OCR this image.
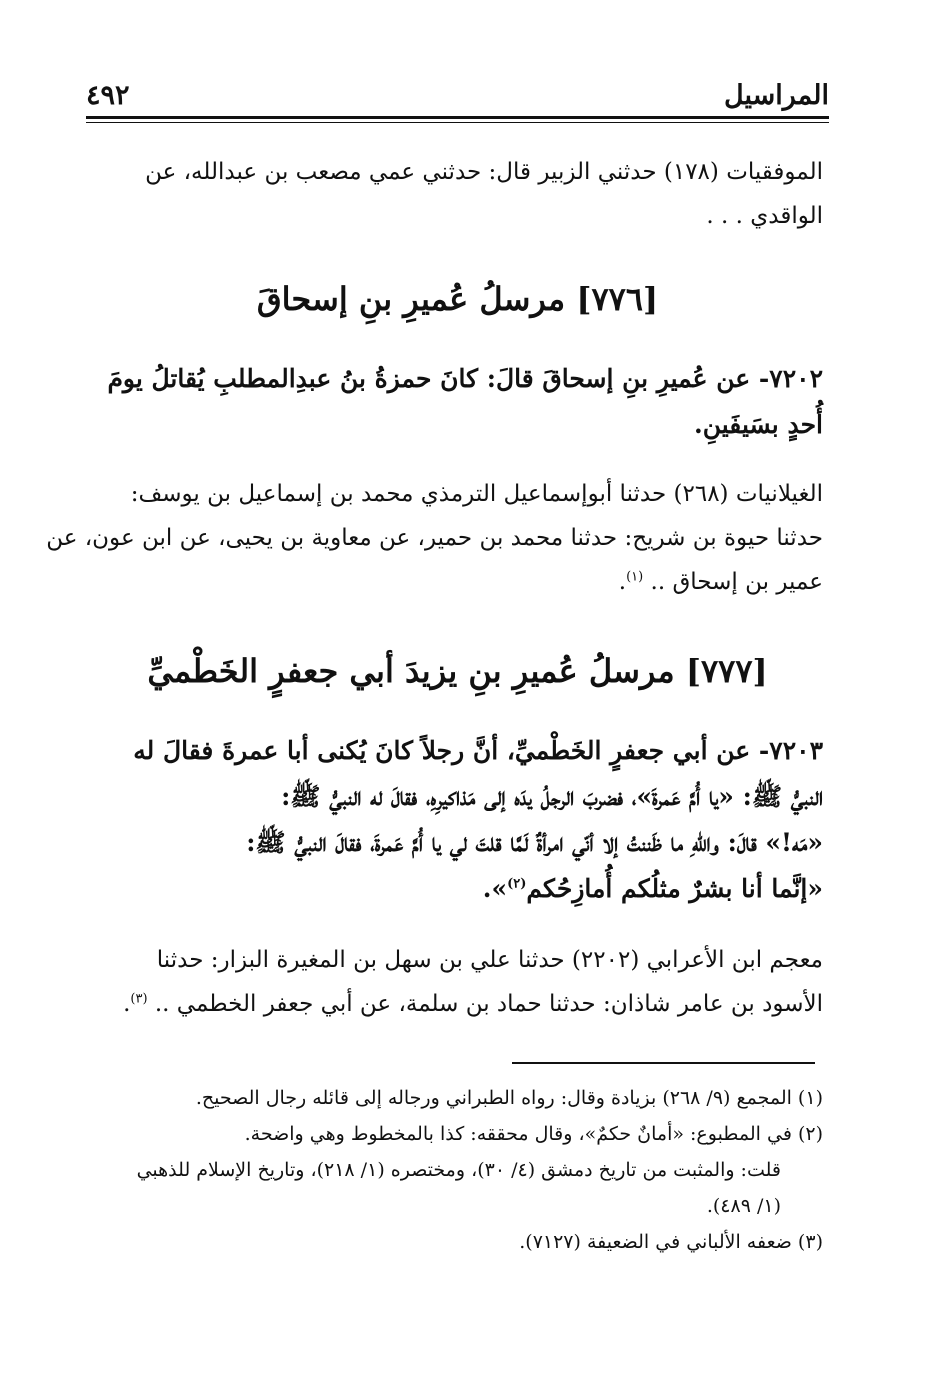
المراسيل
٤٩٢
الموفقيات (١٧٨) حدثني الزبير قال: حدثني عمي مصعب بن عبدالله، عن
الواقدي . . .
[٧٧٦] مرسلُ عُميرِ بنِ إسحاقَ
٧٢٠٢- عن عُميرِ بنِ إسحاقَ قالَ: كانَ حمزةُ بنُ عبدِالمطلبِ يُقاتلُ يومَ
أُحدٍ بسَيفَينِ.
الغيلانيات (٢٦٨) حدثنا أبوإسماعيل الترمذي محمد بن إسماعيل بن يوسف:
حدثنا حيوة بن شريح: حدثنا محمد بن حمير، عن معاوية بن يحيى، عن ابن عون، عن
عمير بن إسحاق .. $^{(١)}$.
[٧٧٧] مرسلُ عُميرِ بنِ يزيدَ أبي جعفرٍ الخَطْميِّ
٧٢٠٣- عن أبي جعفرٍ الخَطْميِّ، أنَّ رجلاً كانَ يُكنى أبا عمرةَ فقالَ له
النبيُّ ﷺ: «يا أُمَّ عَمرةَ»، فضربَ الرجلُ يدَه إلى مَذاكيرِهِ، فقالَ له النبيُّ ﷺ:
«مَه!» قالَ: واللهِ ما ظَننتُ إلا أنّي امرأةٌ لَمَّا قلتَ لي يا أُمَّ عَمرةَ، فقالَ النبيُّ ﷺ:
«إنَّما أنا بشرٌ مثلُكم أُمازِحُكم$^{(٢)}$».
معجم ابن الأعرابي (٢٢٠٢) حدثنا علي بن سهل بن المغيرة البزار: حدثنا
الأسود بن عامر شاذان: حدثنا حماد بن سلمة، عن أبي جعفر الخطمي .. $^{(٣)}$.
(١) المجمع (٩/ ٢٦٨) بزيادة وقال: رواه الطبراني ورجاله إلى قائله رجال الصحيح.
(٢) في المطبوع: «أمانٌ حكمٌ»، وقال محققه: كذا بالمخطوط وهي واضحة.
قلت: والمثبت من تاريخ دمشق (٤/ ٣٠)، ومختصره (١/ ٢١٨)، وتاريخ الإسلام للذهبي
(١/ ٤٨٩).
(٣) ضعفه الألباني في الضعيفة (٧١٢٧).
